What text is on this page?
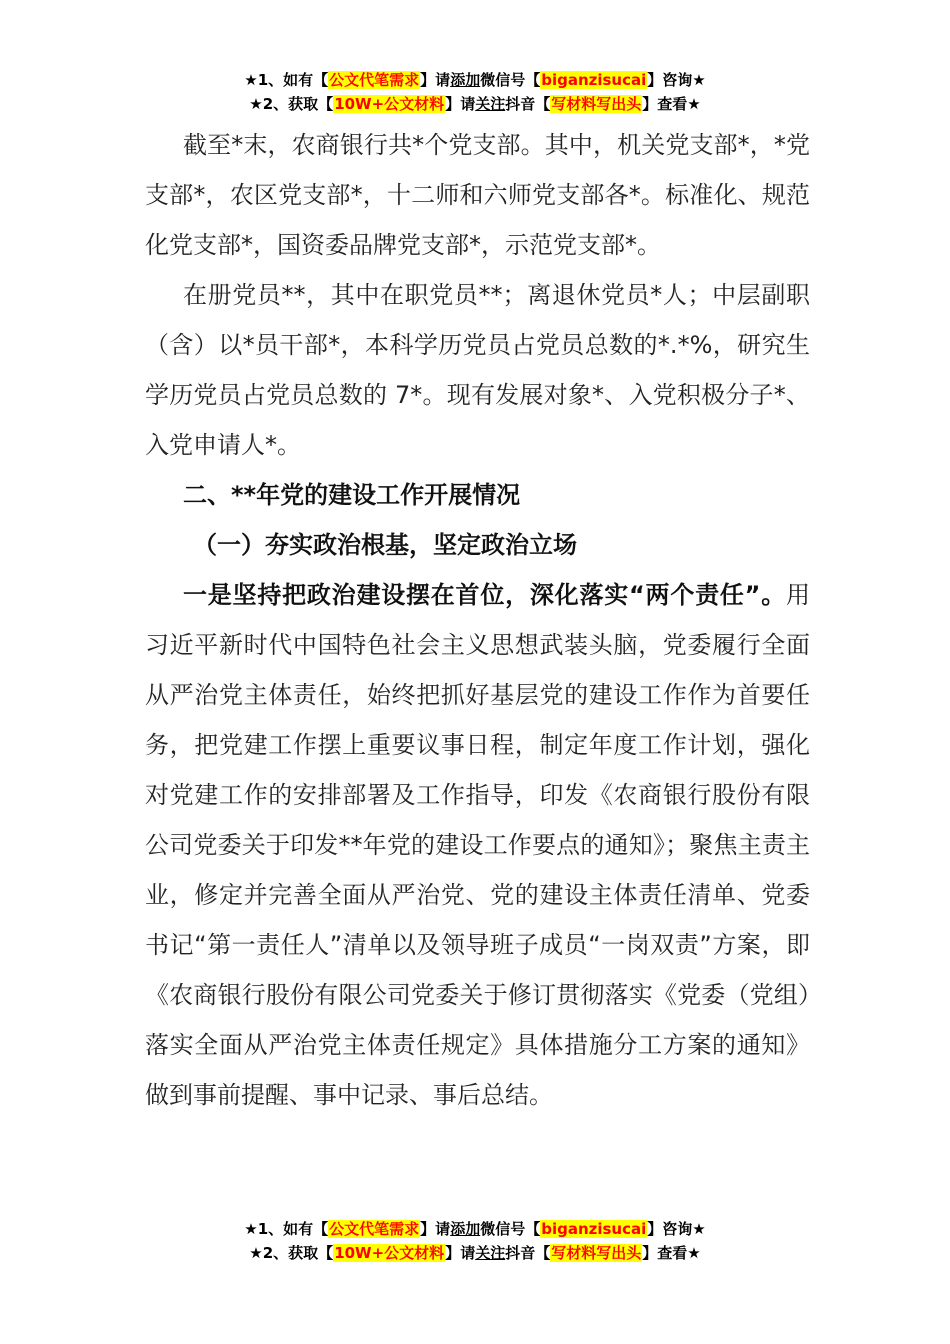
★1、如有【公文代笔需求】请添加微信号【biganzisucai】咨询★
★2、获取【10W+公文材料】请关注抖音【写材料写出头】查看★

截至*末，农商银行共*个党支部。其中，机关党支部*，*党支部*，农区党支部*，十二师和六师党支部各*。标准化、规范化党支部*，国资委品牌党支部*，示范党支部*。

在册党员**，其中在职党员**；离退休党员*人；中层副职（含）以*员干部*，本科学历党员占党员总数的*.*%，研究生学历党员占党员总数的 7*。现有发展对象*、入党积极分子*、入党申请人*。

二、**年党的建设工作开展情况

（一）夯实政治根基，坚定政治立场

一是坚持把政治建设摆在首位，深化落实“两个责任”。用习近平新时代中国特色社会主义思想武装头脑，党委履行全面从严治党主体责任，始终把抓好基层党的建设工作作为首要任务，把党建工作摆上重要议事日程，制定年度工作计划，强化对党建工作的安排部署及工作指导，印发《农商银行股份有限公司党委关于印发**年党的建设工作要点的通知》；聚焦主责主业，修定并完善全面从严治党、党的建设主体责任清单、党委书记“第一责任人”清单以及领导班子成员“一岗双责”方案，即《农商银行股份有限公司党委关于修订贯彻落实《党委（党组）落实全面从严治党主体责任规定》具体措施分工方案的通知》做到事前提醒、事中记录、事后总结。

★1、如有【公文代笔需求】请添加微信号【biganzisucai】咨询★
★2、获取【10W+公文材料】请关注抖音【写材料写出头】查看★
